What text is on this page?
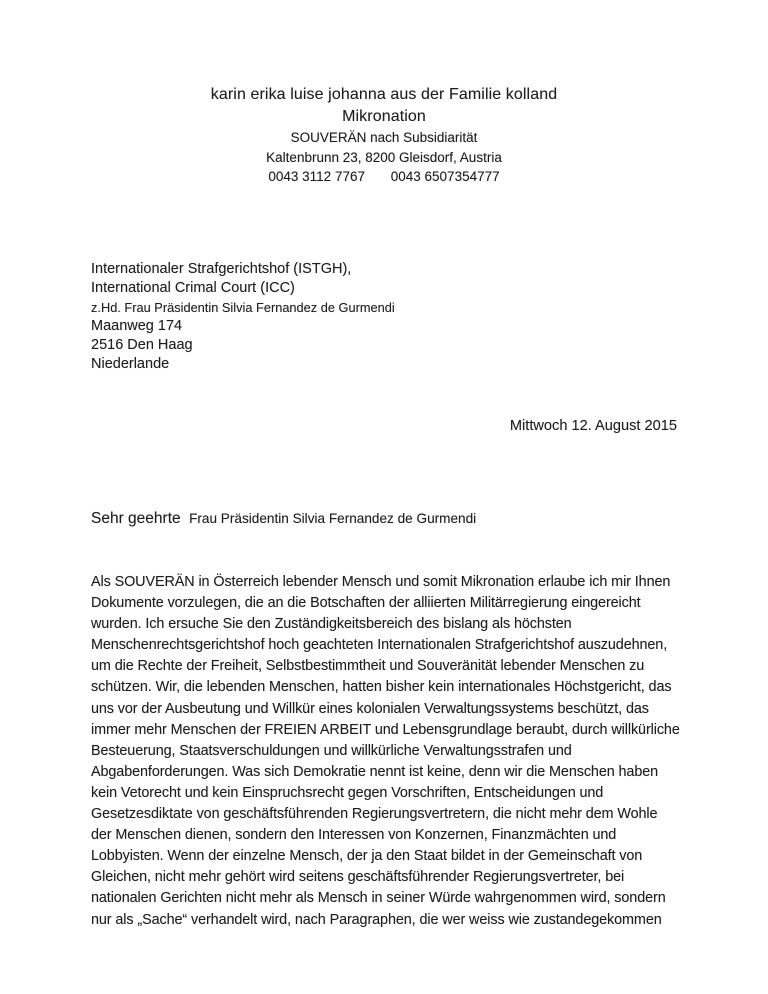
karin erika luise johanna aus der Familie kolland
Mikronation
SOUVERÄN nach Subsidiarität
Kaltenbrunn 23, 8200 Gleisdorf, Austria
0043 3112 7767 0043 6507354777
Internationaler Strafgerichtshof (ISTGH),
International Crimal Court (ICC)
z.Hd. Frau Präsidentin Silvia Fernandez de Gurmendi
Maanweg 174
2516 Den Haag
Niederlande
Mittwoch 12. August 2015
Sehr geehrte Frau Präsidentin Silvia Fernandez de Gurmendi
Als SOUVERÄN in Österreich lebender Mensch und somit Mikronation erlaube ich mir Ihnen
Dokumente vorzulegen, die an die Botschaften der alliierten Militärregierung eingereicht
wurden. Ich ersuche Sie den Zuständigkeitsbereich des bislang als höchsten
Menschenrechtsgerichtshof hoch geachteten Internationalen Strafgerichtshof auszudehnen,
um die Rechte der Freiheit, Selbstbestimmtheit und Souveränität lebender Menschen zu
schützen. Wir, die lebenden Menschen, hatten bisher kein internationales Höchstgericht, das
uns vor der Ausbeutung und Willkür eines kolonialen Verwaltungssystems beschützt, das
immer mehr Menschen der FREIEN ARBEIT und Lebensgrundlage beraubt, durch willkürliche
Besteuerung, Staatsverschuldungen und willkürliche Verwaltungsstrafen und
Abgabenforderungen. Was sich Demokratie nennt ist keine, denn wir die Menschen haben
kein Vetorecht und kein Einspruchsrecht gegen Vorschriften, Entscheidungen und
Gesetzesdiktate von geschäftsführenden Regierungsvertretern, die nicht mehr dem Wohle
der Menschen dienen, sondern den Interessen von Konzernen, Finanzmächten und
Lobbyisten. Wenn der einzelne Mensch, der ja den Staat bildet in der Gemeinschaft von
Gleichen, nicht mehr gehört wird seitens geschäftsführender Regierungsvertreter, bei
nationalen Gerichten nicht mehr als Mensch in seiner Würde wahrgenommen wird, sondern
nur als „Sache“ verhandelt wird, nach Paragraphen, die wer weiss wie zustandegekommen
